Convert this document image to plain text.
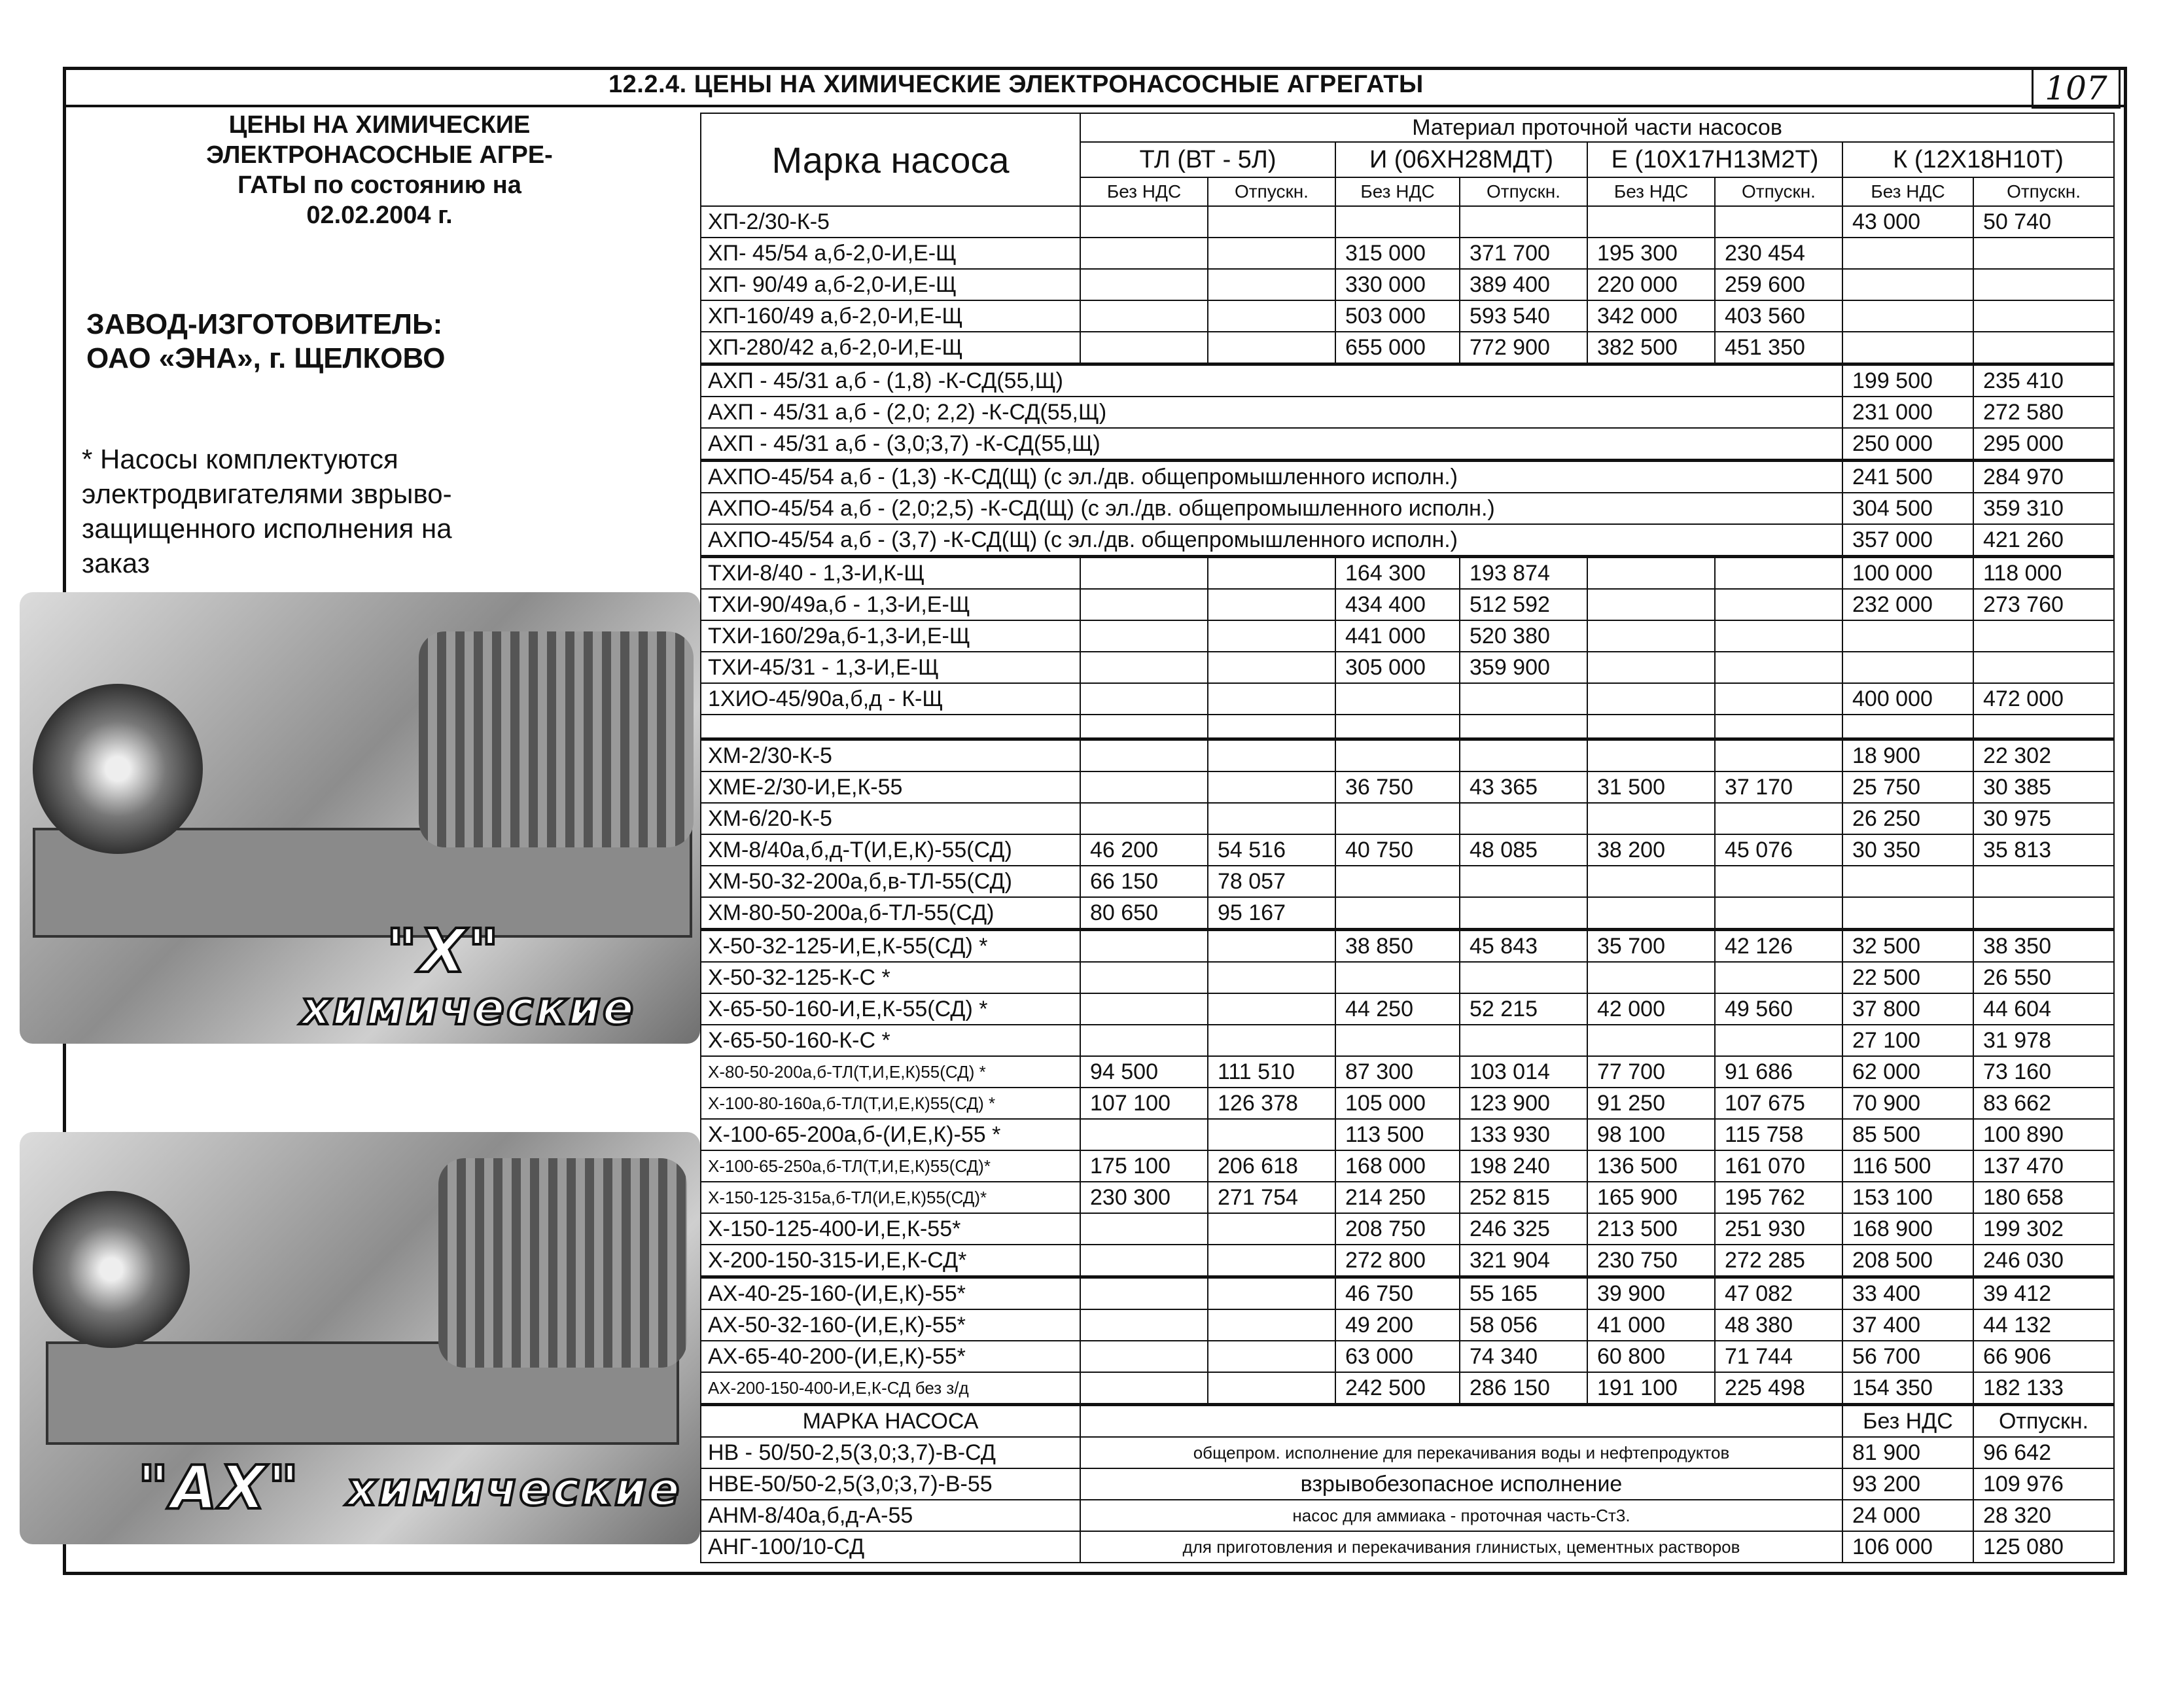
12.2.4. ЦЕНЫ НА ХИМИЧЕСКИЕ ЭЛЕКТРОНАСОСНЫЕ АГРЕГАТЫ	107
ЦЕНЫ НА ХИМИЧЕСКИЕ
ЭЛЕКТРОНАСОСНЫЕ АГРЕ-
ГАТЫ по состоянию на
02.02.2004 г.
ЗАВОД-ИЗГОТОВИТЕЛЬ:
ОАО «ЭНА», г. ЩЕЛКОВО
* Насосы комплектуются
электродвигателями зврыво-
защищенного исполнения на
заказ
"Х"
химические
"АХ" химические
Марка насоса	Материал проточной части насосов							
	ТЛ (ВТ - 5Л)		И (06ХН28МДТ)		Е (10Х17Н13М2Т)		К (12Х18Н10Т)	
	Без НДС	Отпускн.	Без НДС	Отпускн.	Без НДС	Отпускн.	Без НДС	Отпускн.
ХП-2/30-К-5							43 000	50 740
ХП- 45/54 а,б-2,0-И,Е-Щ			315 000	371 700	195 300	230 454		
ХП- 90/49 а,б-2,0-И,Е-Щ			330 000	389 400	220 000	259 600		
ХП-160/49 а,б-2,0-И,Е-Щ			503 000	593 540	342 000	403 560		
ХП-280/42 а,б-2,0-И,Е-Щ			655 000	772 900	382 500	451 350		
АХП - 45/31 а,б - (1,8) -К-СД(55,Щ)							199 500	235 410
АХП - 45/31 а,б - (2,0; 2,2) -К-СД(55,Щ)							231 000	272 580
АХП - 45/31 а,б - (3,0;3,7) -К-СД(55,Щ)							250 000	295 000
АХПО-45/54 а,б - (1,3) -К-СД(Щ) (с эл./дв. общепромышленного исполн.)							241 500	284 970
АХПО-45/54 а,б - (2,0;2,5) -К-СД(Щ) (с эл./дв. общепромышленного исполн.)							304 500	359 310
АХПО-45/54 а,б - (3,7) -К-СД(Щ) (с эл./дв. общепромышленного исполн.)							357 000	421 260
ТХИ-8/40 - 1,3-И,К-Щ			164 300	193 874			100 000	118 000
ТХИ-90/49а,б - 1,3-И,Е-Щ			434 400	512 592			232 000	273 760
ТХИ-160/29а,б-1,3-И,Е-Щ			441 000	520 380				
ТХИ-45/31 - 1,3-И,Е-Щ			305 000	359 900				
1ХИО-45/90а,б,д - К-Щ							400 000	472 000

ХМ-2/30-К-5							18 900	22 302
ХМЕ-2/30-И,Е,К-55			36 750	43 365	31 500	37 170	25 750	30 385
ХМ-6/20-К-5							26 250	30 975
ХМ-8/40а,б,д-Т(И,Е,К)-55(СД)	46 200	54 516	40 750	48 085	38 200	45 076	30 350	35 813
ХМ-50-32-200а,б,в-ТЛ-55(СД)	66 150	78 057						
ХМ-80-50-200а,б-ТЛ-55(СД)	80 650	95 167						
Х-50-32-125-И,Е,К-55(СД) *			38 850	45 843	35 700	42 126	32 500	38 350
Х-50-32-125-К-С *							22 500	26 550
Х-65-50-160-И,Е,К-55(СД) *			44 250	52 215	42 000	49 560	37 800	44 604
Х-65-50-160-К-С *							27 100	31 978
Х-80-50-200а,б-ТЛ(Т,И,Е,К)55(СД) *	94 500	111 510	87 300	103 014	77 700	91 686	62 000	73 160
Х-100-80-160а,б-ТЛ(Т,И,Е,К)55(СД) *	107 100	126 378	105 000	123 900	91 250	107 675	70 900	83 662
Х-100-65-200а,б-(И,Е,К)-55 *			113 500	133 930	98 100	115 758	85 500	100 890
Х-100-65-250а,б-ТЛ(Т,И,Е,К)55(СД)*	175 100	206 618	168 000	198 240	136 500	161 070	116 500	137 470
Х-150-125-315а,б-ТЛ(И,Е,К)55(СД)*	230 300	271 754	214 250	252 815	165 900	195 762	153 100	180 658
Х-150-125-400-И,Е,К-55*			208 750	246 325	213 500	251 930	168 900	199 302
Х-200-150-315-И,Е,К-СД*			272 800	321 904	230 750	272 285	208 500	246 030
АХ-40-25-160-(И,Е,К)-55*			46 750	55 165	39 900	47 082	33 400	39 412
АХ-50-32-160-(И,Е,К)-55*			49 200	58 056	41 000	48 380	37 400	44 132
АХ-65-40-200-(И,Е,К)-55*			63 000	74 340	60 800	71 744	56 700	66 906
АХ-200-150-400-И,Е,К-СД без з/д			242 500	286 150	191 100	225 498	154 350	182 133
МАРКА НАСОСА							Без НДС	Отпускн.
НВ - 50/50-2,5(3,0;3,7)-В-СД	общепром. исполнение для перекачивания воды и нефтепродуктов						81 900	96 642
НВЕ-50/50-2,5(3,0;3,7)-В-55	взрывобезопасное исполнение						93 200	109 976
АНМ-8/40а,б,д-А-55	насос для аммиака - проточная часть-Ст3.						24 000	28 320
АНГ-100/10-СД	для приготовления и перекачивания глинистых, цементных растворов						106 000	125 080
